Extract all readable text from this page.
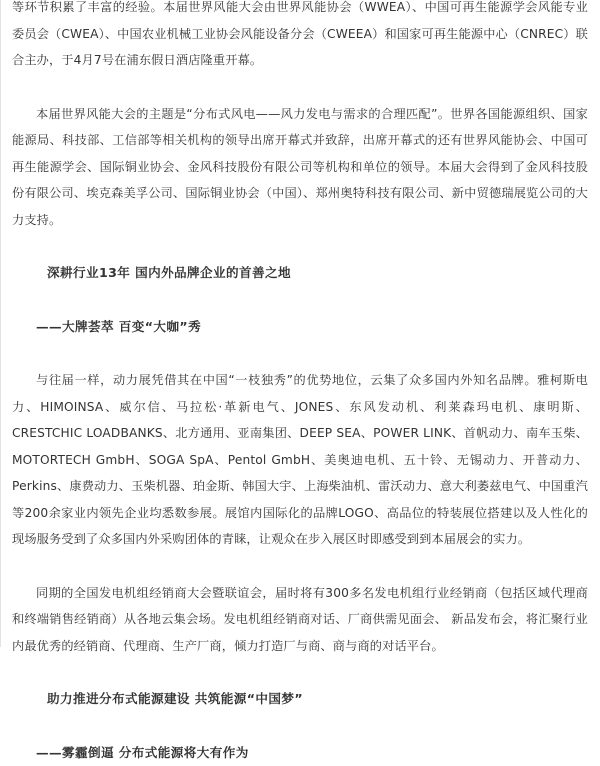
等环节积累了丰富的经验。本届世界风能大会由世界风能协会（WWEA）、中国可再生能源学会风能专业委员会（CWEA）、中国农业机械工业协会风能设备分会（CWEEA）和国家可再生能源中心（CNREC）联合主办，于4月7号在浦东假日酒店隆重开幕。

本届世界风能大会的主题是“分布式风电——风力发电与需求的合理匹配”。世界各国能源组织、国家能源局、科技部、工信部等相关机构的领导出席开幕式并致辞，出席开幕式的还有世界风能协会、中国可再生能源学会、国际铜业协会、金风科技股份有限公司等机构和单位的领导。本届大会得到了金风科技股份有限公司、埃克森美孚公司、国际铜业协会（中国）、郑州奥特科技有限公司、新中贸德瑞展览公司的大力支持。

深耕行业13年 国内外品牌企业的首善之地

——大牌荟萃 百变“大咖”秀

与往届一样，动力展凭借其在中国“一枝独秀”的优势地位，云集了众多国内外知名品牌。雅柯斯电力、HIMOINSA、威尔信、马拉松·革新电气、JONES、东风发动机、利莱森玛电机、康明斯、CRESTCHIC LOADBANKS、北方通用、亚南集团、DEEP SEA、POWER LINK、首帆动力、南车玉柴、MOTORTECH GmbH、SOGA SpA、Pentol GmbH、美奥迪电机、五十铃、无锡动力、开普动力、Perkins、康费动力、玉柴机器、珀金斯、韩国大宇、上海柴油机、雷沃动力、意大利萎兹电气、中国重汽等200余家业内领先企业均悉数参展。展馆内国际化的品牌LOGO、高品位的特装展位搭建以及人性化的现场服务受到了众多国内外采购团体的青睐，让观众在步入展区时即感受到到本届展会的实力。

同期的全国发电机组经销商大会暨联谊会，届时将有300多名发电机组行业经销商（包括区域代理商和终端销售经销商）从各地云集会场。发电机组经销商对话、厂商供需见面会、 新品发布会，将汇聚行业内最优秀的经销商、代理商、生产厂商，倾力打造厂与商、商与商的对话平台。

助力推进分布式能源建设 共筑能源“中国梦”

——雾霾倒逼 分布式能源将大有作为
